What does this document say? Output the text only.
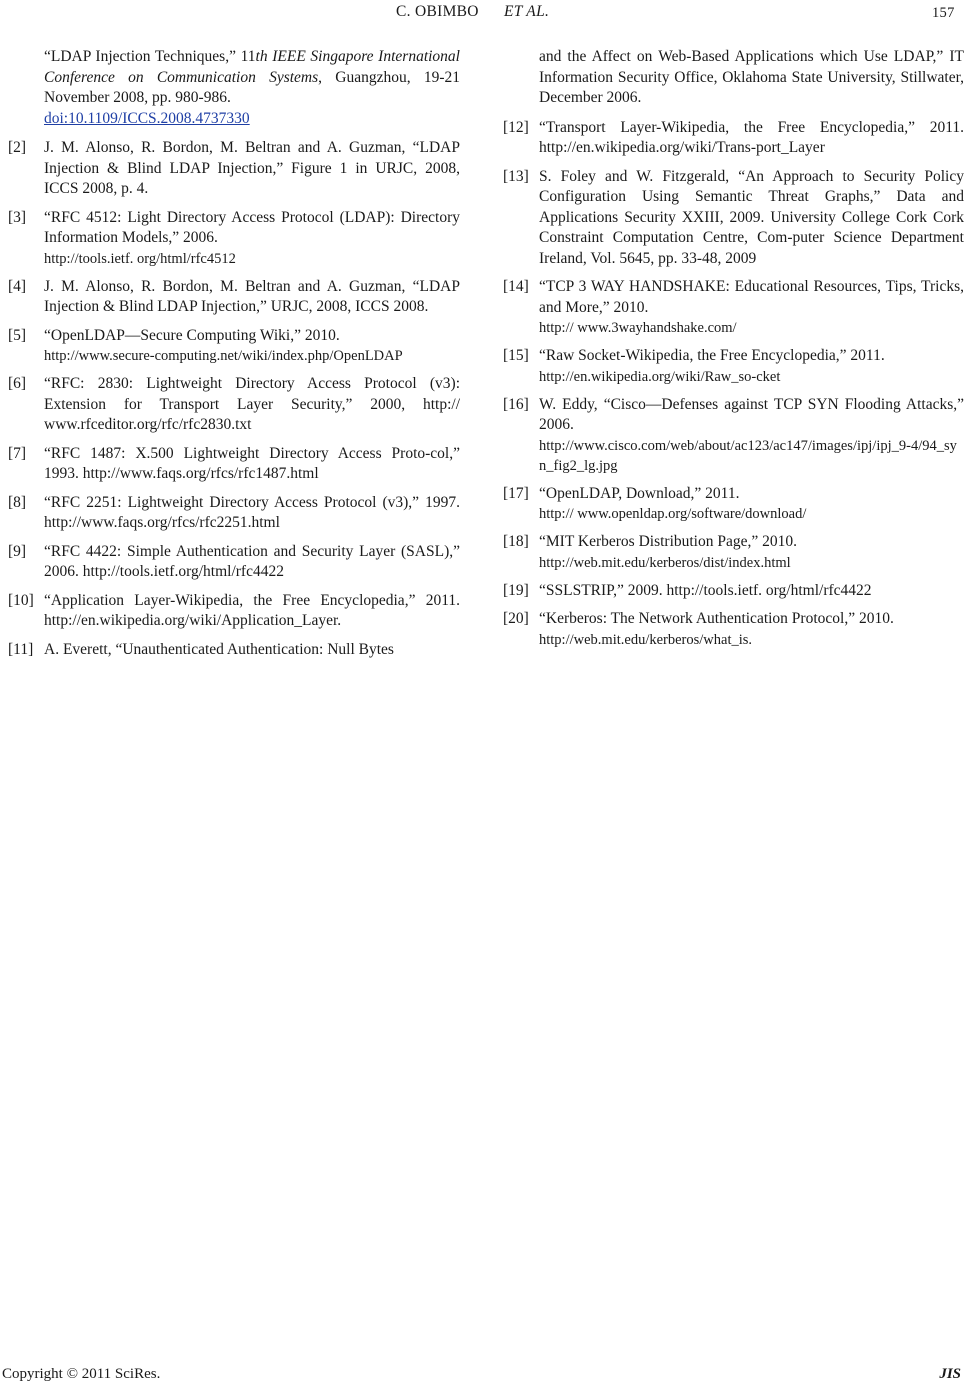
C. OBIMBO ET AL.	157
“LDAP Injection Techniques,” 11th IEEE Singapore International Conference on Communication Systems, Guangzhou, 19-21 November 2008, pp. 980-986.
doi:10.1109/ICCS.2008.4737330
[2] J. M. Alonso, R. Bordon, M. Beltran and A. Guzman, “LDAP Injection & Blind LDAP Injection,” Figure 1 in URJC, 2008, ICCS 2008, p. 4.
[3] “RFC 4512: Light Directory Access Protocol (LDAP): Directory Information Models,” 2006.
http://tools.ietf. org/html/rfc4512
[4] J. M. Alonso, R. Bordon, M. Beltran and A. Guzman, “LDAP Injection & Blind LDAP Injection,” URJC, 2008, ICCS 2008.
[5] “OpenLDAP—Secure Computing Wiki,” 2010.
http://www.secure-computing.net/wiki/index.php/OpenLDAP
[6] “RFC: 2830: Lightweight Directory Access Protocol (v3): Extension for Transport Layer Security,” 2000, http:// www.rfceditor.org/rfc/rfc2830.txt
[7] “RFC 1487: X.500 Lightweight Directory Access Proto-col,” 1993. http://www.faqs.org/rfcs/rfc1487.html
[8] “RFC 2251: Lightweight Directory Access Protocol (v3),” 1997. http://www.faqs.org/rfcs/rfc2251.html
[9] “RFC 4422: Simple Authentication and Security Layer (SASL),” 2006. http://tools.ietf.org/html/rfc4422
[10] “Application Layer-Wikipedia, the Free Encyclopedia,” 2011. http://en.wikipedia.org/wiki/Application_Layer.
[11] A. Everett, “Unauthenticated Authentication: Null Bytes
and the Affect on Web-Based Applications which Use LDAP,” IT Information Security Office, Oklahoma State University, Stillwater, December 2006.
[12] “Transport Layer-Wikipedia, the Free Encyclopedia,” 2011. http://en.wikipedia.org/wiki/Trans-port_Layer
[13] S. Foley and W. Fitzgerald, “An Approach to Security Policy Configuration Using Semantic Threat Graphs,” Data and Applications Security XXIII, 2009. University College Cork Cork Constraint Computation Centre, Com-puter Science Department Ireland, Vol. 5645, pp. 33-48, 2009
[14] “TCP 3 WAY HANDSHAKE: Educational Resources, Tips, Tricks, and More,” 2010.
http:// www.3wayhandshake.com/
[15] “Raw Socket-Wikipedia, the Free Encyclopedia,” 2011.
http://en.wikipedia.org/wiki/Raw_so-cket
[16] W. Eddy, “Cisco—Defenses against TCP SYN Flooding Attacks,” 2006.
http://www.cisco.com/web/about/ac123/ac147/images/ipj/ipj_9-4/94_syn_fig2_lg.jpg
[17] “OpenLDAP, Download,” 2011.
http:// www.openldap.org/software/download/
[18] “MIT Kerberos Distribution Page,” 2010.
http://web.mit.edu/kerberos/dist/index.html
[19] “SSLSTRIP,” 2009. http://tools.ietf. org/html/rfc4422
[20] “Kerberos: The Network Authentication Protocol,” 2010.
http://web.mit.edu/kerberos/what_is.
Copyright © 2011 SciRes.	JIS
